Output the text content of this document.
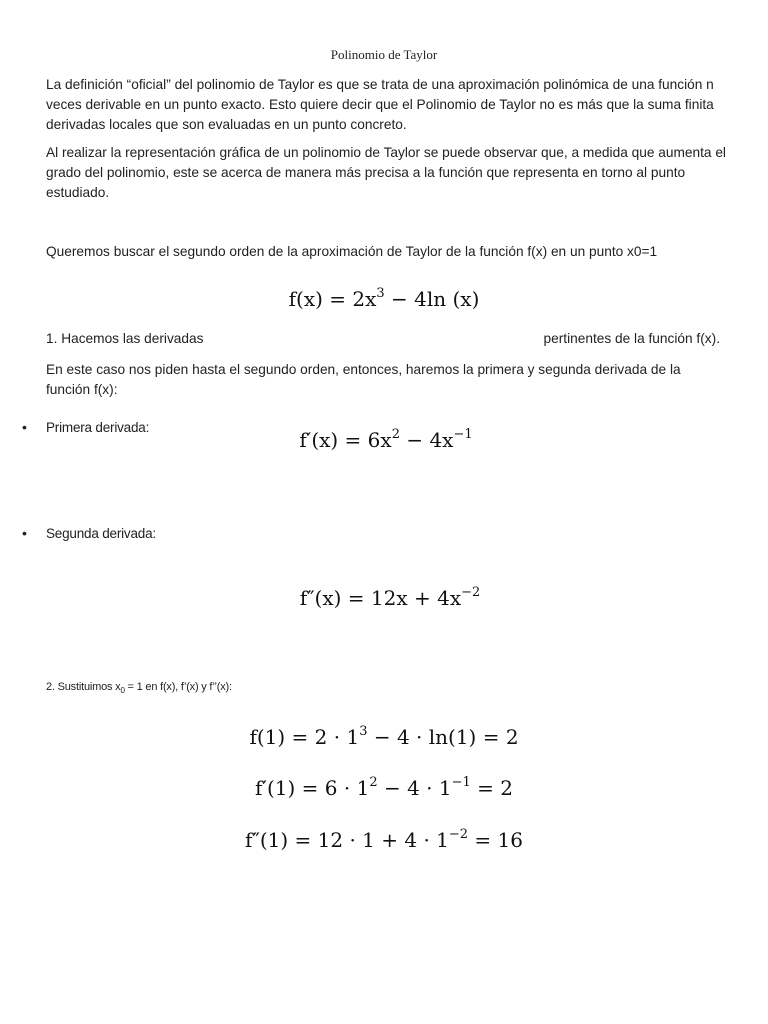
Polinomio de Taylor

La definición “oficial” del polinomio de Taylor es que se trata de una aproximación polinómica de una función n veces derivable en un punto exacto. Esto quiere decir que el Polinomio de Taylor no es más que la suma finita derivadas locales que son evaluadas en un punto concreto.

Al realizar la representación gráfica de un polinomio de Taylor se puede observar que, a medida que aumenta el grado del polinomio, este se acerca de manera más precisa a la función que representa en torno al punto estudiado.

Queremos buscar el segundo orden de la aproximación de Taylor de la función f(x) en un punto x0=1

$f(x) = 2x^3 - 4\ln$ (x)
1. Hacemos las derivadas	pertinentes de la función f(x).

En este caso nos piden hasta el segundo orden, entonces, haremos la primera y segunda derivada de la función f(x):

• Primera derivada:
$f'(x) = 6x^2 - 4x^{-1}$
• Segunda derivada:
$f''(x) = 12x + 4x^{-2}$
2. Sustituimos $x_0 = 1$ en f(x), f’(x) y f’’(x):
$f(1) = 2 \cdot 1^3 - 4 \cdot \ln(1) = 2$
$f'(1) = 6 \cdot 1^2 - 4 \cdot 1^{-1} = 2$
$f''(1) = 12 \cdot 1 + 4 \cdot 1^{-2} = 16$
